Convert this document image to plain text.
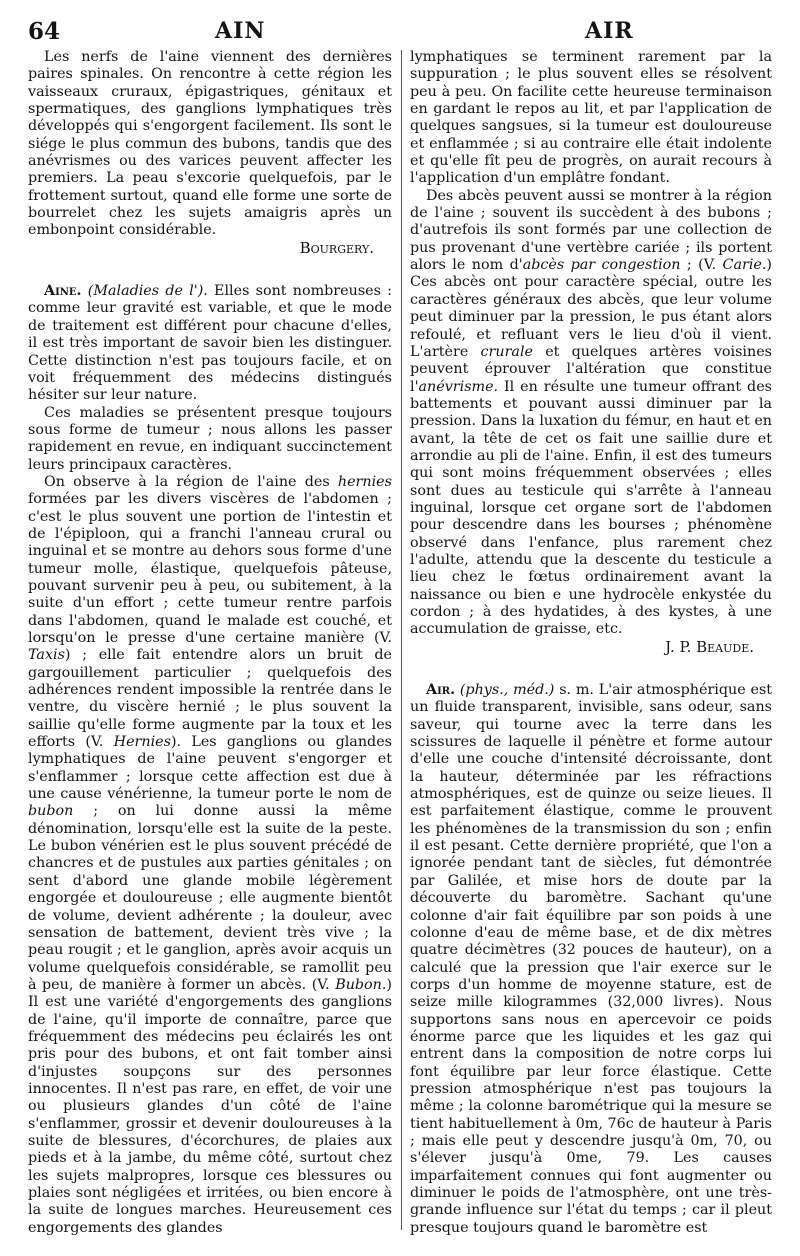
64	AIN	AIR

Les nerfs de l'aine viennent des dernières paires spinales. On rencontre à cette région les vaisseaux cruraux, épigastriques, génitaux et spermatiques, des ganglions lymphatiques très développés qui s'engorgent facilement. Ils sont le siége le plus commun des bubons, tandis que des anévrismes ou des varices peuvent affecter les premiers. La peau s'excorie quelquefois, par le frottement surtout, quand elle forme une sorte de bourrelet chez les sujets amaigris après un embonpoint considérable.

Bourgery.

Aine. (Maladies de l'). Elles sont nombreuses : comme leur gravité est variable, et que le mode de traitement est différent pour chacune d'elles, il est très important de savoir bien les distinguer. Cette distinction n'est pas toujours facile, et on voit fréquemment des médecins distingués hésiter sur leur nature.

Ces maladies se présentent presque toujours sous forme de tumeur ; nous allons les passer rapidement en revue, en indiquant succinctement leurs principaux caractères.

On observe à la région de l'aine des hernies formées par les divers viscères de l'abdomen ; c'est le plus souvent une portion de l'intestin et de l'épiploon, qui a franchi l'anneau crural ou inguinal et se montre au dehors sous forme d'une tumeur molle, élastique, quelquefois pâteuse, pouvant survenir peu à peu, ou subitement, à la suite d'un effort ; cette tumeur rentre parfois dans l'abdomen, quand le malade est couché, et lorsqu'on le presse d'une certaine manière (V. Taxis) ; elle fait entendre alors un bruit de gargouillement particulier ; quelquefois des adhérences rendent impossible la rentrée dans le ventre, du viscère hernié ; le plus souvent la saillie qu'elle forme augmente par la toux et les efforts (V. Hernies). Les ganglions ou glandes lymphatiques de l'aine peuvent s'engorger et s'enflammer ; lorsque cette affection est due à une cause vénérienne, la tumeur porte le nom de bubon ; on lui donne aussi la même dénomination, lorsqu'elle est la suite de la peste. Le bubon vénérien est le plus souvent précédé de chancres et de pustules aux parties génitales ; on sent d'abord une glande mobile légèrement engorgée et douloureuse ; elle augmente bientôt de volume, devient adhérente ; la douleur, avec sensation de battement, devient très vive ; la peau rougit ; et le ganglion, après avoir acquis un volume quelquefois considérable, se ramollit peu à peu, de manière à former un abcès. (V. Bubon.) Il est une variété d'engorgements des ganglions de l'aine, qu'il importe de connaître, parce que fréquemment des médecins peu éclairés les ont pris pour des bubons, et ont fait tomber ainsi d'injustes soupçons sur des personnes innocentes. Il n'est pas rare, en effet, de voir une ou plusieurs glandes d'un côté de l'aine s'enflammer, grossir et devenir douloureuses à la suite de blessures, d'écorchures, de plaies aux pieds et à la jambe, du même côté, surtout chez les sujets malpropres, lorsque ces blessures ou plaies sont négligées et irritées, ou bien encore à la suite de longues marches. Heureusement ces engorgements des glandes

lymphatiques se terminent rarement par la suppuration ; le plus souvent elles se résolvent peu à peu. On facilite cette heureuse terminaison en gardant le repos au lit, et par l'application de quelques sangsues, si la tumeur est douloureuse et enflammée ; si au contraire elle était indolente et qu'elle fît peu de progrès, on aurait recours à l'application d'un emplâtre fondant.

Des abcès peuvent aussi se montrer à la région de l'aine ; souvent ils succèdent à des bubons ; d'autrefois ils sont formés par une collection de pus provenant d'une vertèbre cariée ; ils portent alors le nom d'abcès par congestion ; (V. Carie.) Ces abcès ont pour caractère spécial, outre les caractères généraux des abcès, que leur volume peut diminuer par la pression, le pus étant alors refoulé, et refluant vers le lieu d'où il vient. L'artère crurale et quelques artères voisines peuvent éprouver l'altération que constitue l'anévrisme. Il en résulte une tumeur offrant des battements et pouvant aussi diminuer par la pression. Dans la luxation du fémur, en haut et en avant, la tête de cet os fait une saillie dure et arrondie au pli de l'aine. Enfin, il est des tumeurs qui sont moins fréquemment observées ; elles sont dues au testicule qui s'arrête à l'anneau inguinal, lorsque cet organe sort de l'abdomen pour descendre dans les bourses ; phénomène observé dans l'enfance, plus rarement chez l'adulte, attendu que la descente du testicule a lieu chez le fœtus ordinairement avant la naissance ou bien e une hydrocèle enkystée du cordon ; à des hydatides, à des kystes, à une accumulation de graisse, etc.

J. P. Beaude.

Air. (phys., méd.) s. m. L'air atmosphérique est un fluide transparent, invisible, sans odeur, sans saveur, qui tourne avec la terre dans les scissures de laquelle il pénètre et forme autour d'elle une couche d'intensité décroissante, dont la hauteur, déterminée par les réfractions atmosphériques, est de quinze ou seize lieues. Il est parfaitement élastique, comme le prouvent les phénomènes de la transmission du son ; enfin il est pesant. Cette dernière propriété, que l'on a ignorée pendant tant de siècles, fut démontrée par Galilée, et mise hors de doute par la découverte du baromètre. Sachant qu'une colonne d'air fait équilibre par son poids à une colonne d'eau de même base, et de dix mètres quatre décimètres (32 pouces de hauteur), on a calculé que la pression que l'air exerce sur le corps d'un homme de moyenne stature, est de seize mille kilogrammes (32,000 livres). Nous supportons sans nous en apercevoir ce poids énorme parce que les liquides et les gaz qui entrent dans la composition de notre corps lui font équilibre par leur force élastique. Cette pression atmosphérique n'est pas toujours la même ; la colonne barométrique qui la mesure se tient habituellement à 0m, 76c de hauteur à Paris ; mais elle peut y descendre jusqu'à 0m, 70, ou s'élever jusqu'à 0me, 79. Les causes imparfaitement connues qui font augmenter ou diminuer le poids de l'atmosphère, ont une très-grande influence sur l'état du temps ; car il pleut presque toujours quand le baromètre est
